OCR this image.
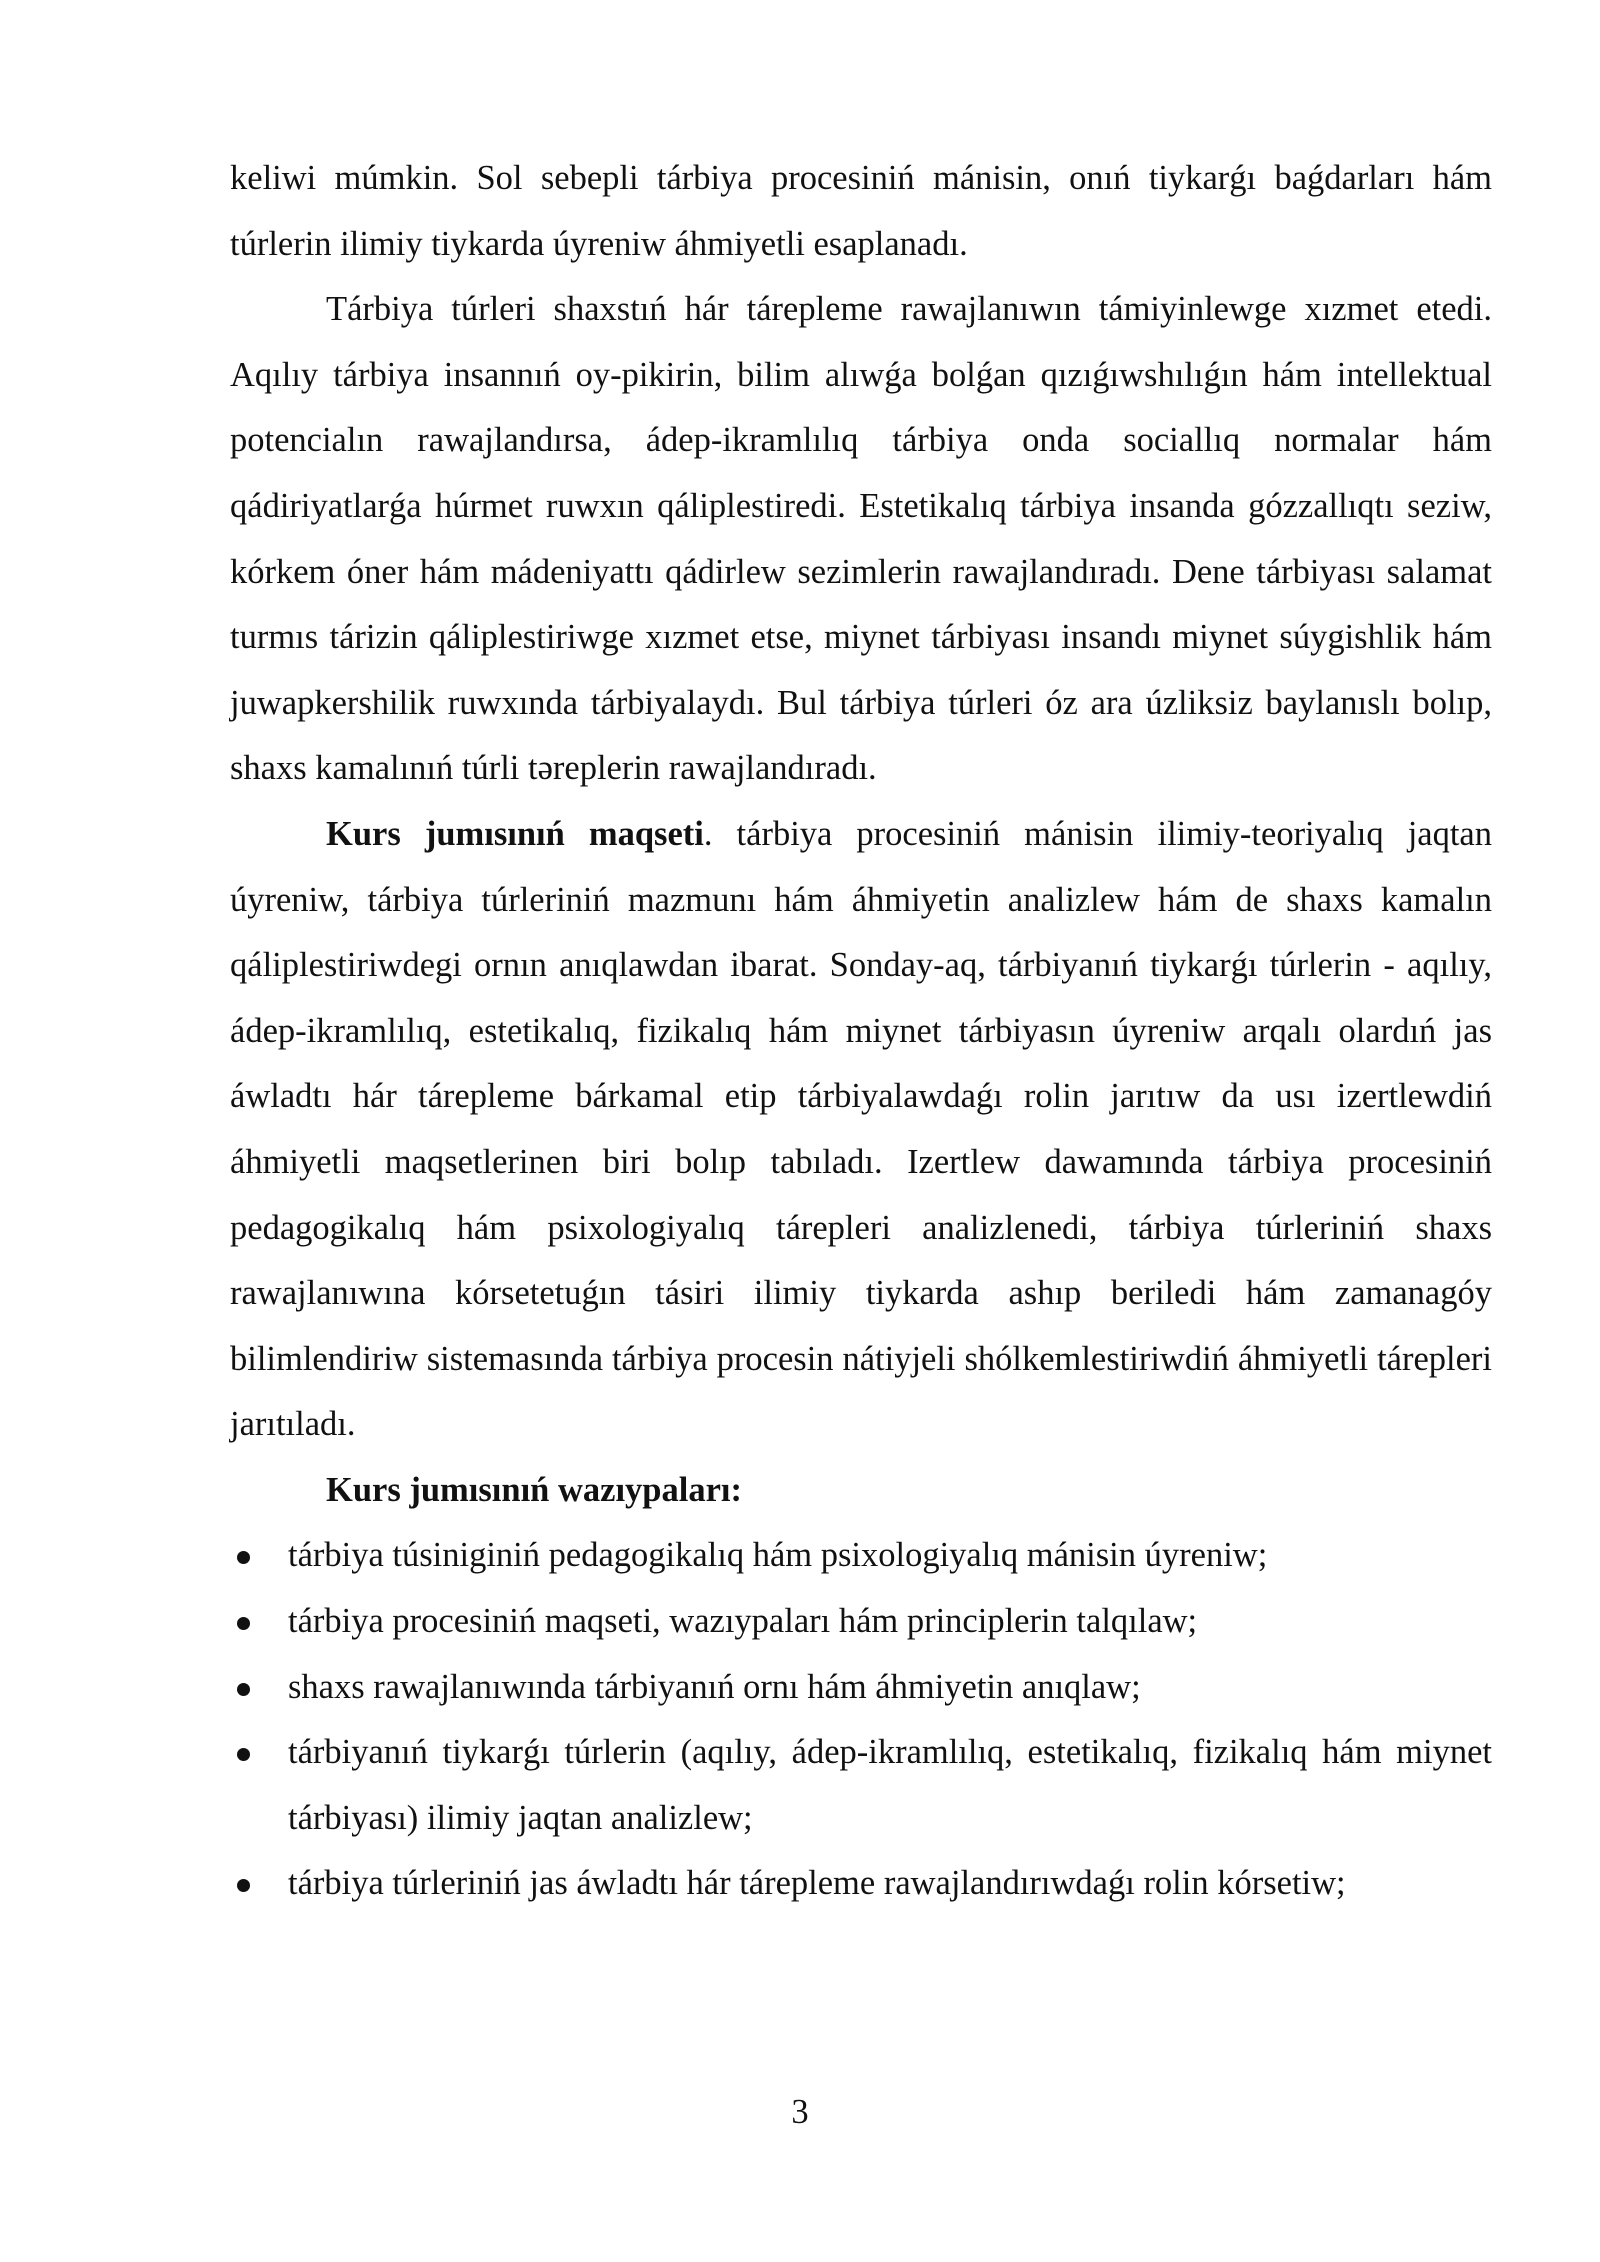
keliwi múmkin. Sol sebepli tárbiya procesiniń mánisin, onıń tiykarǵı baǵdarları hám túrlerin ilimiy tiykarda úyreniw áhmiyetli esaplanadı.

Tárbiya túrleri shaxstıń hár tárepleme rawajlanıwın támiyinlewge xızmet etedi. Aqılıy tárbiya insannıń oy-pikirin, bilim alıwǵa bolǵan qızıǵıwshılıǵın hám intellektual potencialın rawajlandırsa, ádep-ikramlılıq tárbiya onda sociallıq normalar hám qádiriyatlarǵa húrmet ruwxın qáliplestiredi. Estetikalıq tárbiya insanda gózzallıqtı seziw, kórkem óner hám mádeniyattı qádirlew sezimlerin rawajlandıradı. Dene tárbiyası salamat turmıs tárizin qáliplestiriwge xızmet etse, miynet tárbiyası insandı miynet súygishlik hám juwapkershilik ruwxında tárbiyalaydı. Bul tárbiya túrleri óz ara úzliksiz baylanıslı bolıp, shaxs kamalınıń túrli tәreplerin rawajlandıradı.

Kurs jumısınıń maqseti. tárbiya procesiniń mánisin ilimiy-teoriyalıq jaqtan úyreniw, tárbiya túrleriniń mazmunı hám áhmiyetin analizlew hám de shaxs kamalın qáliplestiriwdegi ornın anıqlawdan ibarat. Sonday-aq, tárbiyanıń tiykarǵı túrlerin - aqılıy, ádep-ikramlılıq, estetikalıq, fizikalıq hám miynet tárbiyasın úyreniw arqalı olardıń jas áwladtı hár tárepleme bárkamal etip tárbiyalawdaǵı rolin jarıtıw da usı izertlewdiń áhmiyetli maqsetlerinen biri bolıp tabıladı. Izertlew dawamında tárbiya procesiniń pedagogikalıq hám psixologiyalıq tárepleri analizlenedi, tárbiya túrleriniń shaxs rawajlanıwına kórsetetuǵın tásiri ilimiy tiykarda ashıp beriledi hám zamanagóy bilimlendiriw sistemasında tárbiya procesin nátiyjeli shólkemlestiriwdiń áhmiyetli tárepleri jarıtıladı.

Kurs jumısınıń wazıypaları:

tárbiya túsiniginiń pedagogikalıq hám psixologiyalıq mánisin úyreniw;
tárbiya procesiniń maqseti, wazıypaları hám principlerin talqılaw;
shaxs rawajlanıwında tárbiyanıń ornı hám áhmiyetin anıqlaw;
tárbiyanıń tiykarǵı túrlerin (aqılıy, ádep-ikramlılıq, estetikalıq, fizikalıq hám miynet tárbiyası) ilimiy jaqtan analizlew;
tárbiya túrleriniń jas áwladtı hár tárepleme rawajlandırıwdaǵı rolin kórsetiw;
3
